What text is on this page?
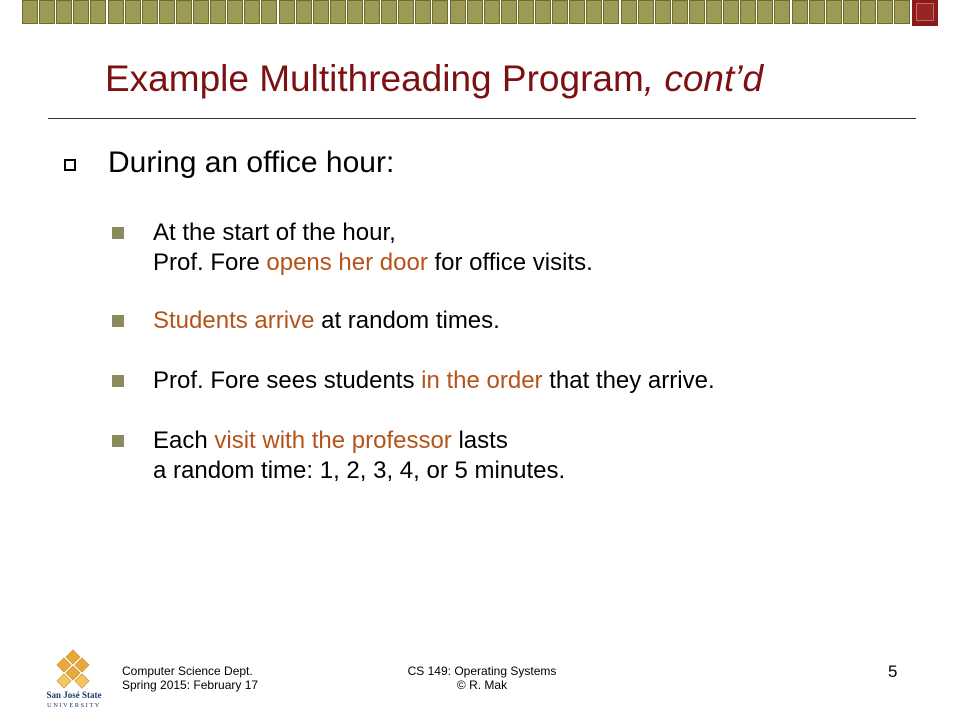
Example Multithreading Program, cont’d
During an office hour:
At the start of the hour,
Prof. Fore opens her door for office visits.
Students arrive at random times.
Prof. Fore sees students in the order that they arrive.
Each visit with the professor lasts
a random time: 1, 2, 3, 4, or 5 minutes.
San José State
UNIVERSITY
Computer Science Dept.
Spring 2015: February 17
CS 149: Operating Systems
© R. Mak
5
